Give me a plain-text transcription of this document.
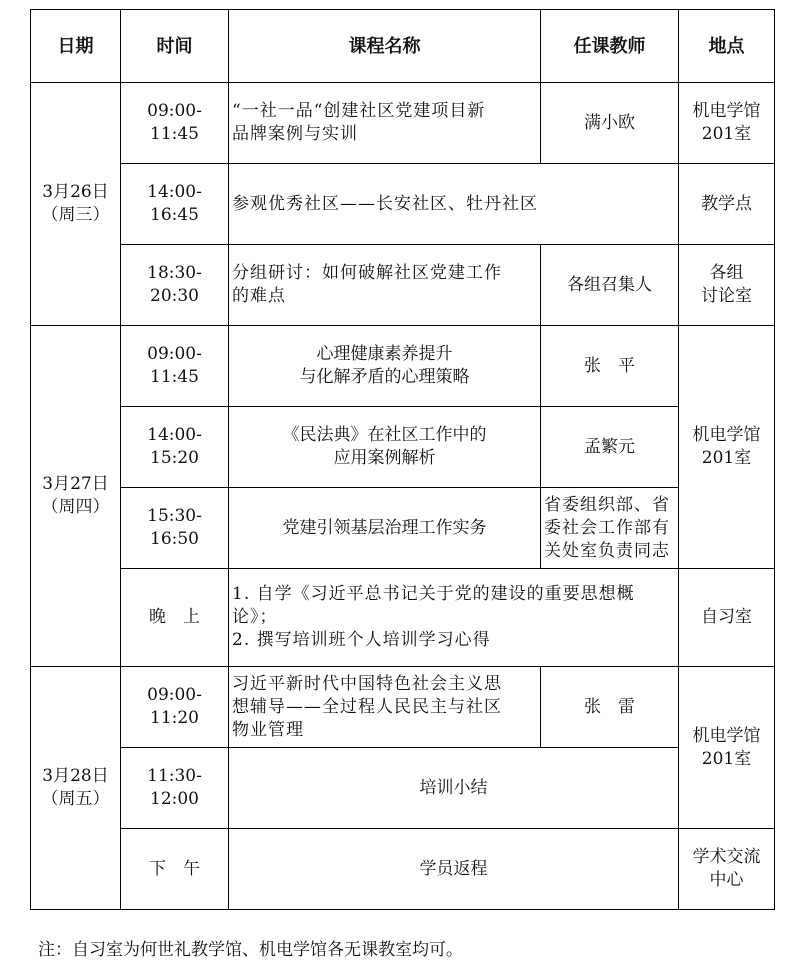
日期	时间	课程名称	任课教师	地点

3月26日
（周三）	09:00-11:45	“一社一品“创建社区党建项目新
品牌案例与实训	满小欧	机电学馆
201室

	14:00-16:45	参观优秀社区——长安社区、牡丹社区		教学点

	18:30-20:30	分组研讨：如何破解社区党建工作
的难点	各组召集人	各组
讨论室

3月27日
（周四）	09:00-11:45	心理健康素养提升
与化解矛盾的心理策略	张　平	机电学馆
201室

	14:00-15:20	《民法典》在社区工作中的
应用案例解析	孟繁元	
	15:30-16:50	党建引领基层治理工作实务	省委组织部、省
委社会工作部有
关处室负责同志	

	晚　上	1. 自学《习近平总书记关于党的建设的重要思想概
论》；
2. 撰写培训班个人培训学习心得		自习室

3月28日
（周五）	09:00-11:20	习近平新时代中国特色社会主义思
想辅导——全过程人民民主与社区
物业管理	张　雷	机电学馆
201室

	11:30-12:00	培训小结		

	下　午	学员返程		学术交流
中心
注：自习室为何世礼教学馆、机电学馆各无课教室均可。
